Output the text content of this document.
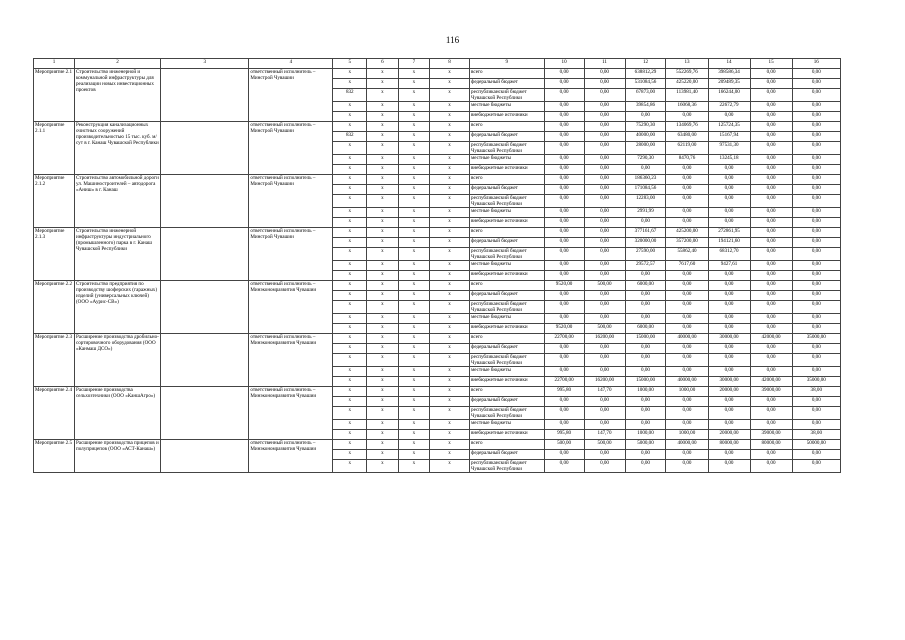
116
1	2	3	4	5	6	7	8	9	10	11	12	13	14	15	16
Мероприятие 2.1	Строительство инженерной и коммунальной инфраструктуры для реализации новых инвестиционных проектов		ответственный исполнитель – Минстрой Чувашии	x	x	x	x	всего	0,00	0,00	638812,29	552269,76	398586,34	0,00	0,00
				x	x	x	x	федеральный бюджет	0,00	0,00	531084,56	425220,00	209489,35	0,00	0,00
				832	x	x	x	республиканский бюджет Чувашской Республики	0,00	0,00	67873,00	113981,40	166244,00	0,00	0,00
				x	x	x	x	местные бюджеты	0,00	0,00	39854,86	16068,36	22672,79	0,00	0,00
				x	x	x	x	внебюджетные источники	0,00	0,00	0,00	0,00	0,00	0,00	0,00
Мероприятие 2.1.1	Реконструкция канализационных очистных сооружений производительностью 15 тыс. куб. м/сут в г. Канаш Чувашской Республики		ответственный исполнитель – Минстрой Чувашии	x	x	x	x	всего	0,00	0,00	75290,30	134069,76	125724,35	0,00	0,00
				832	x	x	x	федеральный бюджет	0,00	0,00	40000,00	63480,00	15167,94	0,00	0,00
				x	x	x	x	республиканский бюджет Чувашской Республики	0,00	0,00	28000,00	62119,00	97531,30	0,00	0,00
				x	x	x	x	местные бюджеты	0,00	0,00	7290,30	8470,76	13245,18	0,00	0,00
				x	x	x	x	внебюджетные источники	0,00	0,00	0,00	0,00	0,00	0,00	0,00
Мероприятие 2.1.2	Строительство автомобильной дороги ул. Машиностроителей – автодорога «Аниш» в г. Канаш		ответственный исполнитель – Минстрой Чувашии	x	x	x	x	всего	0,00	0,00	186360,23	0,00	0,00	0,00	0,00
				x	x	x	x	федеральный бюджет	0,00	0,00	171084,56	0,00	0,00	0,00	0,00
				x	x	x	x	республиканский бюджет Чувашской Республики	0,00	0,00	12283,00	0,00	0,00	0,00	0,00
				x	x	x	x	местные бюджеты	0,00	0,00	2991,99	0,00	0,00	0,00	0,00
				x	x	x	x	внебюджетные источники	0,00	0,00	0,00	0,00	0,00	0,00	0,00
Мероприятие 2.1.3	Строительство инженерной инфраструктуры индустриального (промышленного) парка в г. Канаш Чувашской Республики		ответственный исполнитель – Минстрой Чувашии	x	x	x	x	всего	0,00	0,00	377161,67	425200,00	272861,95	0,00	0,00
				x	x	x	x	федеральный бюджет	0,00	0,00	320000,00	357200,00	194121,60	0,00	0,00
				x	x	x	x	республиканский бюджет Чувашской Республики	0,00	0,00	27590,00	55862,40	68312,70	0,00	0,00
				x	x	x	x	местные бюджеты	0,00	0,00	29572,57	7617,60	9427,61	0,00	0,00
				x	x	x	x	внебюджетные источники	0,00	0,00	0,00	0,00	0,00	0,00	0,00
Мероприятие 2.2	Строительство предприятия по производству шоферских (гаражных) изделий (универсальных ключей) (ООО «Аурис-СВ»)		ответственный исполнитель – Минэкономразвития Чувашии	x	x	x	x	всего	9520,00	500,00	6000,00	0,00	0,00	0,00	0,00
				x	x	x	x	федеральный бюджет	0,00	0,00	0,00	0,00	0,00	0,00	0,00
				x	x	x	x	республиканский бюджет Чувашской Республики	0,00	0,00	0,00	0,00	0,00	0,00	0,00
				x	x	x	x	местные бюджеты	0,00	0,00	0,00	0,00	0,00	0,00	0,00
				x	x	x	x	внебюджетные источники	9520,00	500,00	6000,00	0,00	0,00	0,00	0,00
Мероприятие 2.3	Расширение производства дробильно-сортировочного оборудования (ООО «Канмаш ДСО»)		ответственный исполнитель – Минэкономразвития Чувашии	x	x	x	x	всего	22700,00	16200,00	15000,00	40000,00	30000,00	42000,00	35000,00
				x	x	x	x	федеральный бюджет	0,00	0,00	0,00	0,00	0,00	0,00	0,00
				x	x	x	x	республиканский бюджет Чувашской Республики	0,00	0,00	0,00	0,00	0,00	0,00	0,00
				x	x	x	x	местные бюджеты	0,00	0,00	0,00	0,00	0,00	0,00	0,00
				x	x	x	x	внебюджетные источники	22700,00	16200,00	15000,00	40000,00	30000,00	42000,00	35000,00
Мероприятие 2.4	Расширение производства сельхозтехники (ООО «КаншАгро»)		ответственный исполнитель – Минэкономразвития Чувашии	x	x	x	x	всего	995,80	147,70	1000,00	1000,00	20000,00	39000,00	38,00
				x	x	x	x	федеральный бюджет	0,00	0,00	0,00	0,00	0,00	0,00	0,00
				x	x	x	x	республиканский бюджет Чувашской Республики	0,00	0,00	0,00	0,00	0,00	0,00	0,00
				x	x	x	x	местные бюджеты	0,00	0,00	0,00	0,00	0,00	0,00	0,00
				x	x	x	x	внебюджетные источники	995,80	147,70	1000,00	1000,00	20000,00	39000,00	38,00
Мероприятие 2.5	Расширение производства прицепов и полуприцепов (ООО «АСТ-Канаш»)		ответственный исполнитель – Минэкономразвития Чувашии	x	x	x	x	всего	500,00	500,00	5000,00	40000,00	80000,00	80000,00	50000,00
				x	x	x	x	федеральный бюджет	0,00	0,00	0,00	0,00	0,00	0,00	0,00
				x	x	x	x	республиканский бюджет Чувашской Республики	0,00	0,00	0,00	0,00	0,00	0,00	0,00
